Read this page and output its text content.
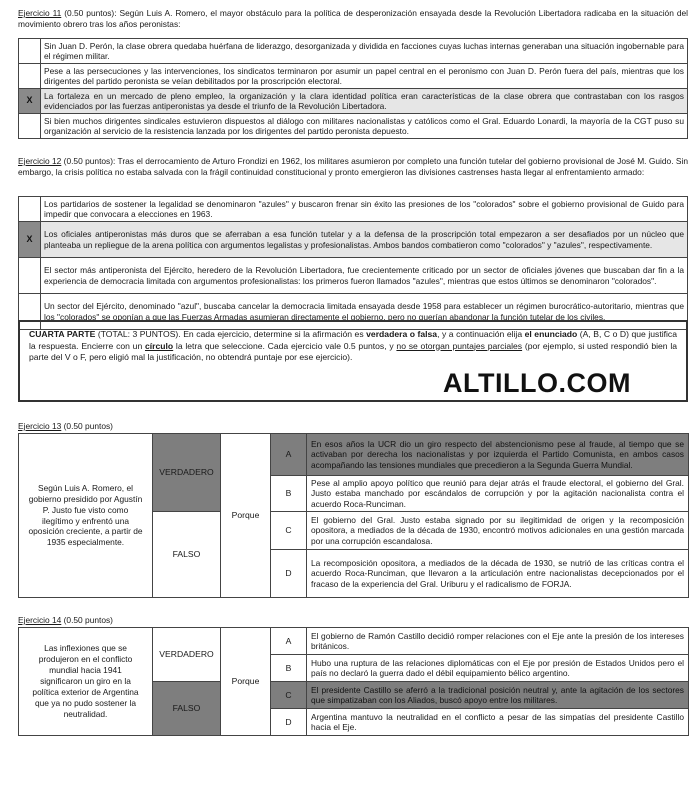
Ejercicio 11 (0.50 puntos): Según Luis A. Romero, el mayor obstáculo para la política de desperonización ensayada desde la Revolución Libertadora radicaba en la situación del movimiento obrero tras los años peronistas:
	Sin Juan D. Perón, la clase obrera quedaba huérfana de liderazgo, desorganizada y dividida en facciones cuyas luchas internas generaban una situación ingobernable para el régimen militar.
	Pese a las persecuciones y las intervenciones, los sindicatos terminaron por asumir un papel central en el peronismo con Juan D. Perón fuera del país, mientras que los dirigentes del partido peronista se veían debilitados por la proscripción electoral.
X	La fortaleza en un mercado de pleno empleo, la organización y la clara identidad política eran características de la clase obrera que contrastaban con los rasgos evidenciados por las fuerzas antiperonistas ya desde el triunfo de la Revolución Libertadora.
	Si bien muchos dirigentes sindicales estuvieron dispuestos al diálogo con militares nacionalistas y católicos como el Gral. Eduardo Lonardi, la mayoría de la CGT puso su organización al servicio de la resistencia lanzada por los dirigentes del partido peronista depuesto.
Ejercicio 12 (0.50 puntos): Tras el derrocamiento de Arturo Frondizi en 1962, los militares asumieron por completo una función tutelar del gobierno provisional de José M. Guido. Sin embargo, la crisis política no estaba salvada con la frágil continuidad constitucional y pronto emergieron las divisiones castrenses hasta llegar al enfrentamiento armado:
	Los partidarios de sostener la legalidad se denominaron "azules" y buscaron frenar sin éxito las presiones de los "colorados" sobre el gobierno provisional de Guido para impedir que convocara a elecciones en 1963.
X	Los oficiales antiperonistas más duros que se aferraban a esa función tutelar y a la defensa de la proscripción total empezaron a ser desafiados por un núcleo que planteaba un repliegue de la arena política con argumentos legalistas y profesionalistas. Ambos bandos combatieron como "colorados" y "azules", respectivamente.
	El sector más antiperonista del Ejército, heredero de la Revolución Libertadora, fue crecientemente criticado por un sector de oficiales jóvenes que buscaban dar fin a la experiencia de democracia limitada con argumentos profesionalistas: los primeros fueron llamados "azules", mientras que estos últimos se denominaron "colorados".
	Un sector del Ejército, denominado "azul", buscaba cancelar la democracia limitada ensayada desde 1958 para establecer un régimen burocrático-autoritario, mientras que los "colorados" se oponían a que las Fuerzas Armadas asumieran directamente el gobierno, pero no querían abandonar la función tutelar de los civiles.
CUARTA PARTE (TOTAL: 3 PUNTOS). En cada ejercicio, determine si la afirmación es verdadera o falsa, y a continuación elija el enunciado (A, B, C o D) que justifica la respuesta. Encierre con un círculo la letra que seleccione. Cada ejercicio vale 0.5 puntos, y no se otorgan puntajes parciales (por ejemplo, si usted respondió bien la parte del V o F, pero eligió mal la justificación, no obtendrá puntaje por ese ejercicio).
ALTILLO.COM
Ejercicio 13 (0.50 puntos)
Según Luis A. Romero, el gobierno presidido por Agustín P. Justo fue visto como ilegítimo y enfrentó una oposición creciente, a partir de 1935 especialmente.	VERDADERO	Porque	A	En esos años la UCR dio un giro respecto del abstencionismo pese al fraude, al tiempo que se activaban por derecha los nacionalistas y por izquierda el Partido Comunista, en ambos casos acompañando las tensiones mundiales que precedieron a la Segunda Guerra Mundial.
			B	Pese al amplio apoyo político que reunió para dejar atrás el fraude electoral, el gobierno del Gral. Justo estaba manchado por escándalos de corrupción y por la agitación nacionalista contra el acuerdo Roca-Runciman.
	FALSO		C	El gobierno del Gral. Justo estaba signado por su ilegitimidad de origen y la recomposición opositora, a mediados de la década de 1930, encontró motivos adicionales en una gestión marcada por una corrupción escandalosa.
			D	La recomposición opositora, a mediados de la década de 1930, se nutrió de las críticas contra el acuerdo Roca-Runciman, que llevaron a la articulación entre nacionalistas decepcionados por el fracaso de la experiencia del Gral. Uriburu y el radicalismo de FORJA.
Ejercicio 14 (0.50 puntos)
Las inflexiones que se produjeron en el conflicto mundial hacia 1941 significaron un giro en la política exterior de Argentina que ya no pudo sostener la neutralidad.	VERDADERO	Porque	A	El gobierno de Ramón Castillo decidió romper relaciones con el Eje ante la presión de los intereses británicos.
			B	Hubo una ruptura de las relaciones diplomáticas con el Eje por presión de Estados Unidos pero el país no declaró la guerra dado el débil equipamiento bélico argentino.
	FALSO		C	El presidente Castillo se aferró a la tradicional posición neutral y, ante la agitación de los sectores que simpatizaban con los Aliados, buscó apoyo entre los militares.
			D	Argentina mantuvo la neutralidad en el conflicto a pesar de las simpatías del presidente Castillo hacia el Eje.
